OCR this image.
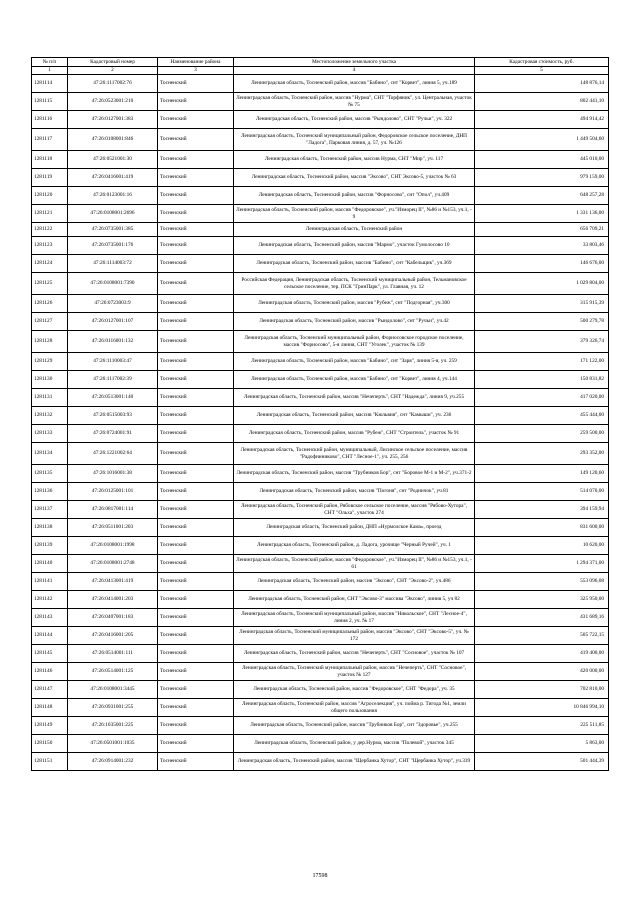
№ п/п	Кадастровый номер	Наименование района	Местоположение земельного участка	Кадастровая стоимость, руб.
1	2	3	4	5
1281114	47:26:1117002:76	Тосненский	Ленинградская область, Тосненский район, массив "Бабино", снт "Корвет", линия 5, уч.189	148 876,14
1281115	47:26:0523001:210	Тосненский	Ленинградская область, Тосненский район, массив "Нурма", СНТ "Торфяник", ул. Центральная, участок № 75	802 441,10
1281116	47:26:0127001:383	Тосненский	Ленинградская область, Тосненский район, массив "Рындолово", СНТ "Ручьи", уч. 322	494 914,42
1281117	47:26:0108001:846	Тосненский	Ленинградская область, Тосненский муниципальный район, Федоровское сельское поселение, ДНП "Ладога", Парковая линия, д. 57, уч. №126	1 449 504,60
1281118	47:26:0521001:30	Тосненский	Ленинградская область, Тосненский район, массив Нурма, СНТ "Мир", уч. 117	445 010,00
1281119	47:26:0416001:419	Тосненский	Ленинградская область, Тосненский район, массив "Эксово", СНТ Эксово-5, участок № 63	979 159,00
1281120	47:26:0123001:16	Тосненский	Ленинградская область, Тосненский район, массив "Форносово", снт "Опол", уч.409	648 257,28
1281121	47:26:0108001:2696	Тосненский	Ленинградская область, Тосненский район, массив "Федоровское", уч."Изморец II", №86 и №153, уч.1, - 9	1 331 136,00
1281122	47:26:0735001:385	Тосненский	Ленинградская область, Тосненский район	656 709,21
1281123	47:26:0735001:176	Тосненский	Ленинградская область, Тосненский район, массив "Мармо", участок Гумолосово 10	33 803,46
1281124	47:26:1114003:72	Тосненский	Ленинградская область, Тосненский район, массив "Бабино", снт "Кабельщик", уч.369	146 676,00
1281125	47:26:0108001:7390	Тосненский	Российская Федерация, Ленинградская область, Тосненский муниципальный район, Тельмановское сельское поселение, тер. ПСК "ГринПарк", ул. Главная, уч. 12	1 029 804,00
1281126	47:26:0723003:9	Тосненский	Ленинградская область, Тосненский район, массив "Рубеж", снт "Подгорная", уч.300	315 915,39
1281127	47:26:0127001:107	Тосненский	Ленинградская область, Тосненский район, массив "Рындолово", снт "Ручьи", уч.42	500 279,78
1281128	47:26:0116001:132	Тосненский	Ленинградская область, Тосненский муниципальный район, Форносовское городское поселение, массив "Форносово", 5-я линия, СНТ "Уголек", участок № 139	379 326,74
1281129	47:26:1110003:47	Тосненский	Ленинградская область, Тосненский район, массив "Бабино", снт "Заря", линия 5-я, уч. 259	171 122,00
1281130	47:26:1117002:39	Тосненский	Ленинградская область, Тосненский район, массив "Бабино", снт "Корвет", линия 4, уч.144	150 831,82
1281131	47:26:0513001:140	Тосненский	Ленинградская область, Тосненский район, массив "Нечеперть", СНТ "Надежда", линия 9, уч.255	417 020,00
1281132	47:26:0515003:93	Тосненский	Ленинградская область, Тосненский район, массив "Кюльвия", снт "Камыши", уч. 236	455 444,00
1281133	47:26:0724001:91	Тосненский	Ленинградская область, Тосненский район, массив "Рубеж", СНТ "Строитель", участок № 91	259 500,00
1281134	47:26:1221002:64	Тосненский	Ленинградская область, Тосненский район, муниципальный, Лисинское сельское поселение, массив "Радофинниково", СНТ "Лесное-1", уч. 255, 256	293 352,00
1281135	47:26:1016001:38	Тосненский	Ленинградская область, Тосненский район, массив "Трубников Бор", снт "Боровое М-1 и М-2", уч.371-2	149 120,60
1281136	47:26:0125001:101	Тосненский	Ленинградская область, Тосненский район, массив "Погоня", снт "Родничок", уч.81	514 070,00
1281137	47:26:0817001:114	Тосненский	Ленинградская область, Тосненский район, Рябовское сельское поселение, массив "Рябово-Хутора", СНТ "Ольха", участок 274	394 159,94
1281138	47:26:0511001:203	Тосненский	Ленинградская область, Тосненский район, ДНП «Нурмолское Кама», проезд	831 600,00
1281139	47:26:0108001:1998	Тосненский	Ленинградская область, Тосненский район, д. Ладога, урочище "Черный Ручей", уч. 1	10 620,00
1281140	47:26:0108001:2748	Тосненский	Ленинградская область, Тосненский район, массив "Федоровское", уч."Изморец II", №86 и №153, уч.1, - 61	1 294 371,00
1281141	47:26:0413001:419	Тосненский	Ленинградская область, Тосненский район, массив "Эксово", СНТ "Эксово-2", уч.486	553 096,08
1281142	47:26:0414001:203	Тосненский	Ленинградская область, Тосненский район, СНТ "Эксово-3" массива "Эксово", линия 5, уч 82	325 950,00
1281143	47:26:0407001:183	Тосненский	Ленинградская область, Тосненский муниципальный район, массив "Никольское", СНТ "Лесное-4", линия 2, уч. № 17	431 689,16
1281144	47:26:0416001:205	Тосненский	Ленинградская область, Тосненский муниципальный район, массив "Эксово", СНТ "Эксово-5", уч. № 172	505 722,15
1281145	47:26:0514001:111	Тосненский	Ленинградская область, Тосненский район, массив "Нечеперть", СНТ "Сосновое", участок № 107	419 400,00
1281146	47:26:0514001:125	Тосненский	Ленинградская область, Тосненский муниципальный район, массив "Нечеперть", СНТ "Сосновое", участок № 127	420 000,00
1281147	47:26:0108001:3445	Тосненский	Ленинградская область, Тосненский район, массив "Федоровское", СНТ "Федора", уч. 35	702 810,00
1281148	47:26:0931001:255	Тосненский	Ленинградская область, Тосненский район, массив "Агроселекция", уч. пойма р. Тигода №1, земли общего пользования	10 846 994,10
1281149	47:26:1035001:225	Тосненский	Ленинградская область, Тосненский район, массив "Трубников Бор", снт "Здоровье", уч.255	225 511,85
1281150	47:26:0501001:1035	Тосненский	Ленинградская область, Тосненский район, у дер.Нурма, массив "Полевой", участок 345	5 863,00
1281151	47:26:0914001:232	Тосненский	Ленинградская область, Тосненский район, массив "Щербанка Хутор", СНТ "Щербанка Хутор", уч.339	501 444,39
17598
